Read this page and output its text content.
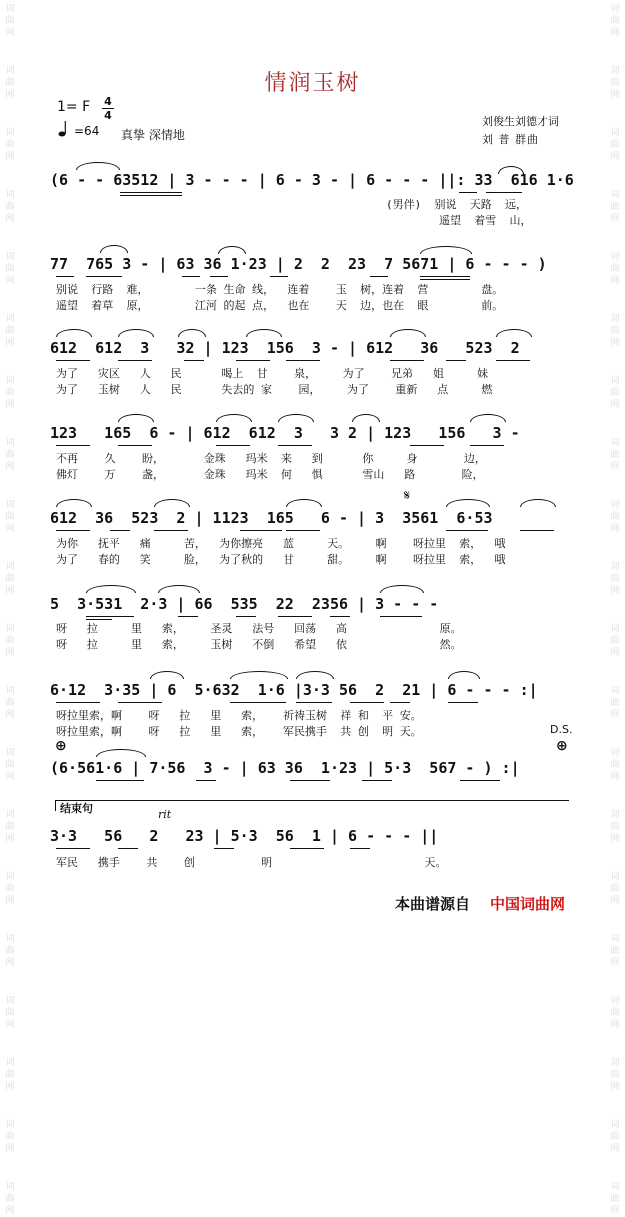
词
曲
网
词
曲
网
词
曲
网
词
曲
网
词
曲
网
词
曲
网
词
曲
网
词
曲
网
词
曲
网
词
曲
网
词
曲
网
词
曲
网
词
曲
网
词
曲
网
词
曲
网
词
曲
网
词
曲
网
词
曲
网
词
曲
网
词
曲
网
词
曲
网
词
曲
网
词
曲
网
词
曲
网
词
曲
网
词
曲
网
词
曲
网
词
曲
网
词
曲
网
词
曲
网
词
曲
网
词
曲
网
词
曲
网
词
曲
网
词
曲
网
词
曲
网
词
曲
网
词
曲
网
词
曲
网
词
曲
网
情润玉树
1= F 4
4
=64 真挚 深情地
刘俊生刘德才词
刘 普 群曲
(6 - - 63512 | 3 - - - | 6 - 3 - | 6 - - - ||: 33  616 1·6
(男伴)  别说  天路  远，
遥望  着雪  山，
77  765 3 - | 63 36 1·23 | 2  2  23  7 5671 | 6 - - - )
别说  行路  难，       一条 生命 线，  连着    玉  树，连着  营        盘。
遥望  着草  原，       江河 的起 点，  也在    天  边，也在  眼        前。
612  612  3   32 | 123  156  3 - | 612   36   523  2
为了   灾区   人   民      喝上  甘    泉，    为了    兄弟   姐     妹
为了   玉树   人   民      失去的 家    园，    为了    重新   点     燃
123   165  6 - | 612  612  3   3 2 | 123   156   3 -
不再    久    盼，      金珠   玛米  来   到      你     身       边，
佛灯    万    盏，      金珠   玛米  何   惧      雪山   路       险，
𝄋
612  36  523  2 | 1123  165   6 - | 3  3561  6·53
为你   抚平   痛     苦，  为你擦亮   蓝     天。    啊    呀拉里  索，  哦
为了   春的   笑     脸，  为了秋的   甘     甜。    啊    呀拉里  索，  哦
5  3·531  2·3 | 66  535  22  2356 | 3 - - -
呀   拉     里   索，    圣灵   法号   回荡   高              原。
呀   拉     里   索，    玉树   不倒   希望   依              然。
6·12  3·35 | 6  5·632  1·6 |3·3 56  2  21 | 6 - - - :|
呀拉里索，啊    呀   拉   里   索，   祈祷玉树  祥 和  平 安。
呀拉里索，啊    呀   拉   里   索，   军民携手  共 创  明 天。	D.S.
⊕	⊕
(6·561·6 | 7·56  3 - | 63 36  1·23 | 5·3  567 - ) :|
结束句	rit
3·3   56   2   23 | 5·3  56  1 | 6 - - - ||
军民   携手    共    创          明                       天。
本曲谱源自 中国词曲网
